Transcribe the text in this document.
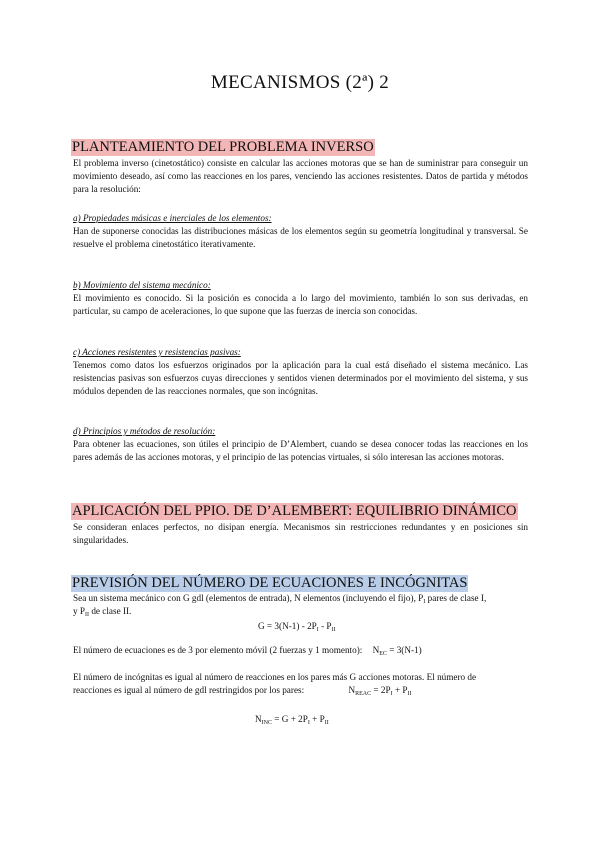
MECANISMOS (2ª) 2
PLANTEAMIENTO DEL PROBLEMA INVERSO
El problema inverso (cinetostático) consiste en calcular las acciones motoras que se han de suministrar para conseguir un movimiento deseado, así como las reacciones en los pares, venciendo las acciones resistentes. Datos de partida y métodos para la resolución:
a) Propiedades másicas e inerciales de los elementos:
Han de suponerse conocidas las distribuciones másicas de los elementos según su geometría longitudinal y transversal. Se resuelve el problema cinetostático iterativamente.
b) Movimiento del sistema mecánico:
El movimiento es conocido. Si la posición es conocida a lo largo del movimiento, también lo son sus derivadas, en particular, su campo de aceleraciones, lo que supone que las fuerzas de inercia son conocidas.
c) Acciones resistentes y resistencias pasivas:
Tenemos como datos los esfuerzos originados por la aplicación para la cual está diseñado el sistema mecánico. Las resistencias pasivas son esfuerzos cuyas direcciones y sentidos vienen determinados por el movimiento del sistema, y sus módulos dependen de las reacciones normales, que son incógnitas.
d) Principios y métodos de resolución:
Para obtener las ecuaciones, son útiles el principio de D’Alembert, cuando se desea conocer todas las reacciones en los pares además de las acciones motoras, y el principio de las potencias virtuales, si sólo interesan las acciones motoras.
APLICACIÓN DEL PPIO. DE D’ALEMBERT: EQUILIBRIO DINÁMICO
Se consideran enlaces perfectos, no disipan energía. Mecanismos sin restricciones redundantes y en posiciones sin singularidades.
PREVISIÓN DEL NÚMERO DE ECUACIONES E INCÓGNITAS
Sea un sistema mecánico con G gdl (elementos de entrada), N elementos (incluyendo el fijo), $P_I$ pares de clase I,
y $P_{II}$ de clase II.
$G = 3(N-1) - 2P_I - P_{II}$
El número de ecuaciones es de 3 por elemento móvil (2 fuerzas y 1 momento): $N_{EC} = 3(N-1)$
El número de incógnitas es igual al número de reacciones en los pares más G acciones motoras. El número de
reacciones es igual al número de gdl restringidos por los pares:	$N_{REAC} = 2P_I + P_{II}$
$N_{INC} = G + 2P_I + P_{II}$
